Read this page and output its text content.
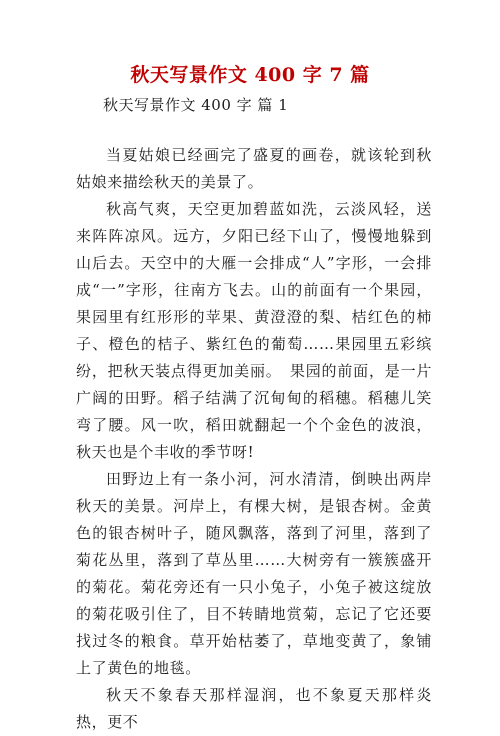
秋天写景作文 400 字 7 篇

秋天写景作文 400 字 篇 1

当夏姑娘已经画完了盛夏的画卷，就该轮到秋姑娘来描绘秋天的美景了。

秋高气爽，天空更加碧蓝如洗，云淡风轻，送来阵阵凉风。远方，夕阳已经下山了，慢慢地躲到山后去。天空中的大雁一会排成“人”字形，一会排成“一”字形，往南方飞去。山的前面有一个果园，果园里有红形形的苹果、黄澄澄的梨、桔红色的柿子、橙色的桔子、紫红色的葡萄……果园里五彩缤纷，把秋天装点得更加美丽。　果园的前面，是一片广阔的田野。稻子结满了沉甸甸的稻穗。稻穗儿笑弯了腰。风一吹，稻田就翻起一个个金色的波浪，秋天也是个丰收的季节呀!

田野边上有一条小河，河水清清，倒映出两岸秋天的美景。河岸上，有棵大树，是银杏树。金黄色的银杏树叶子，随风飘落，落到了河里，落到了菊花丛里，落到了草丛里……大树旁有一簇簇盛开的菊花。菊花旁还有一只小兔子，小兔子被这绽放的菊花吸引住了，目不转睛地赏菊，忘记了它还要找过冬的粮食。草开始枯萎了，草地变黄了，象铺上了黄色的地毯。

秋天不象春天那样湿润，也不象夏天那样炎热，更不
